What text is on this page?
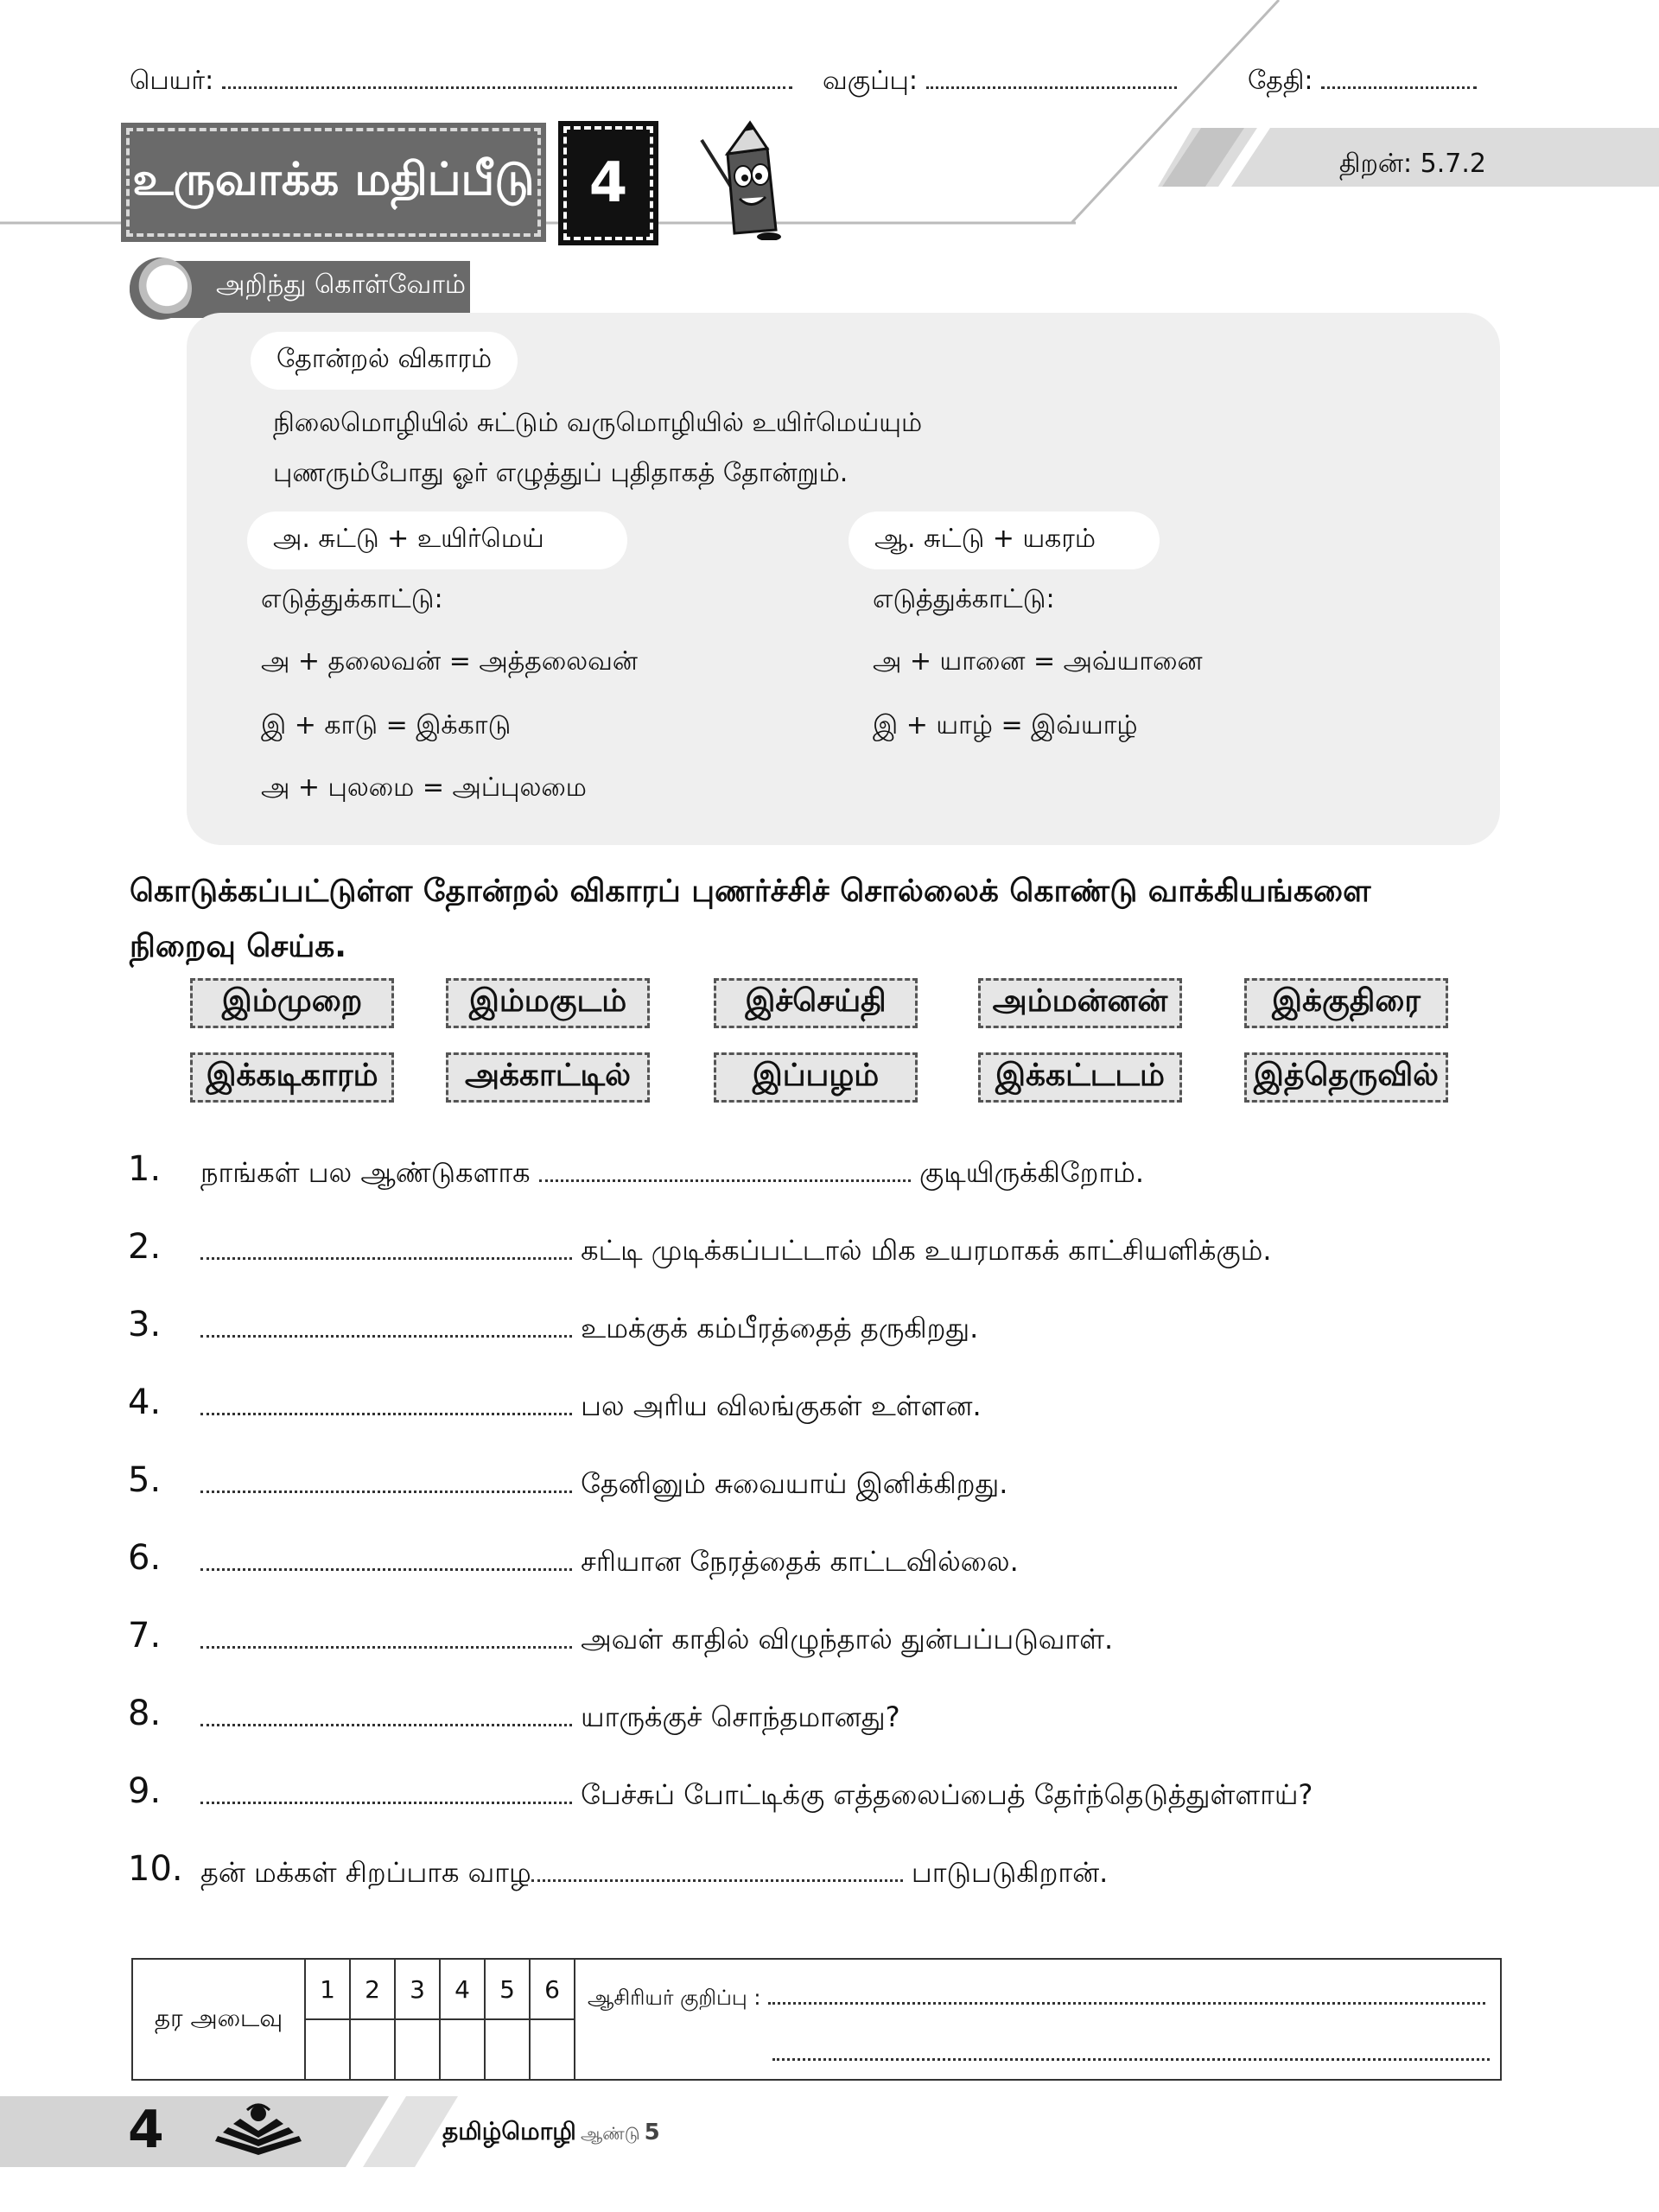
பெயர்:	வகுப்பு:	தேதி:
உருவாக்க மதிப்பீடு 4	திறன்: 5.7.2
அறிந்து கொள்வோம்
தோன்றல் விகாரம்
நிலைமொழியில் சுட்டும் வருமொழியில் உயிர்மெய்யும்
புணரும்போது ஓர் எழுத்துப் புதிதாகத் தோன்றும்.
அ. சுட்டு + உயிர்மெய்
எடுத்துக்காட்டு:
அ + தலைவன் = அத்தலைவன்
இ + காடு = இக்காடு
அ + புலமை = அப்புலமை
ஆ. சுட்டு + யகரம்
எடுத்துக்காட்டு:
அ + யானை = அவ்யானை
இ + யாழ் = இவ்யாழ்
கொடுக்கப்பட்டுள்ள தோன்றல் விகாரப் புணர்ச்சிச் சொல்லைக் கொண்டு வாக்கியங்களை நிறைவு செய்க.
இம்முறை	இம்மகுடம்	இச்செய்தி	அம்மன்னன்	இக்குதிரை
இக்கடிகாரம்	அக்காட்டில்	இப்பழம்	இக்கட்டடம்	இத்தெருவில்
1. நாங்கள் பல ஆண்டுகளாக	குடியிருக்கிறோம்.
2.	கட்டி முடிக்கப்பட்டால் மிக உயரமாகக் காட்சியளிக்கும்.
3.	உமக்குக் கம்பீரத்தைத் தருகிறது.
4.	பல அரிய விலங்குகள் உள்ளன.
5.	தேனினும் சுவையாய் இனிக்கிறது.
6.	சரியான நேரத்தைக் காட்டவில்லை.
7.	அவள் காதில் விழுந்தால் துன்பப்படுவாள்.
8.	யாருக்குச் சொந்தமானது?
9.	பேச்சுப் போட்டிக்கு எத்தலைப்பைத் தேர்ந்தெடுத்துள்ளாய்?
10. தன் மக்கள் சிறப்பாக வாழ	பாடுபடுகிறான்.
தர அடைவு	1	2	3	4	5	6	ஆசிரியர் குறிப்பு :

4	தமிழ்மொழி ஆண்டு 5
